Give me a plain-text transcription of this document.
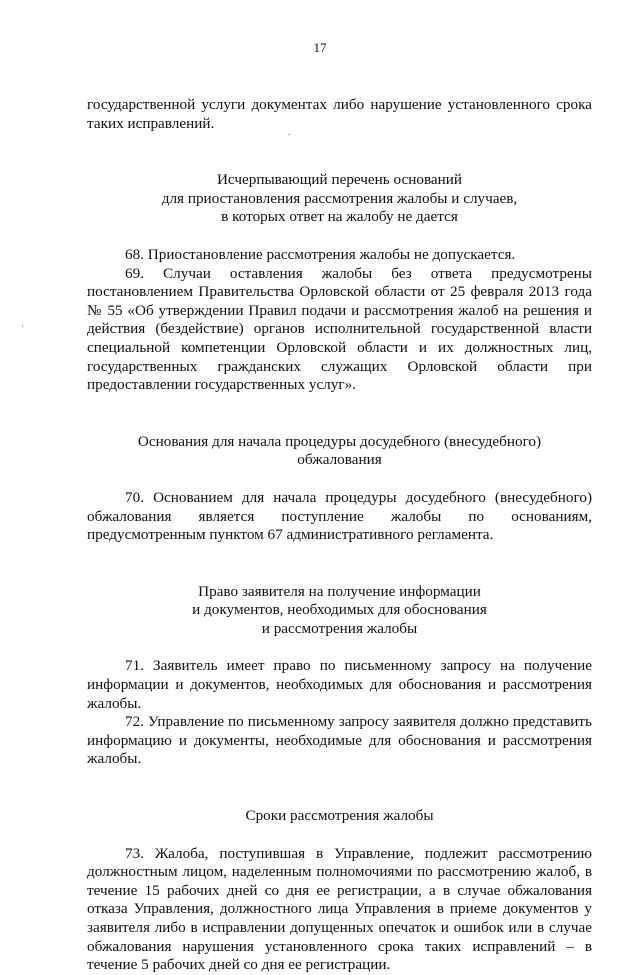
17

государственной услуги документах либо нарушение установленного срока таких исправлений.

Исчерпывающий перечень оснований

для приостановления рассмотрения жалобы и случаев,

в которых ответ на жалобу не дается

68. Приостановление рассмотрения жалобы не допускается.

69. Случаи оставления жалобы без ответа предусмотрены постановлением Правительства Орловской области от 25 февраля 2013 года № 55 «Об утверждении Правил подачи и рассмотрения жалоб на решения и действия (бездействие) органов исполнительной государственной власти специальной компетенции Орловской области и их должностных лиц, государственных гражданских служащих Орловской области при предоставлении государственных услуг».

Основания для начала процедуры досудебного (внесудебного)

обжалования

70. Основанием для начала процедуры досудебного (внесудебного) обжалования является поступление жалобы по основаниям, предусмотренным пунктом 67 административного регламента.

Право заявителя на получение информации

и документов, необходимых для обоснования

и рассмотрения жалобы

71. Заявитель имеет право по письменному запросу на получение информации и документов, необходимых для обоснования и рассмотрения жалобы.

72. Управление по письменному запросу заявителя должно представить информацию и документы, необходимые для обоснования и рассмотрения жалобы.

Сроки рассмотрения жалобы

73. Жалоба, поступившая в Управление, подлежит рассмотрению должностным лицом, наделенным полномочиями по рассмотрению жалоб, в течение 15 рабочих дней со дня ее регистрации, а в случае обжалования отказа Управления, должностного лица Управления в приеме документов у заявителя либо в исправлении допущенных опечаток и ошибок или в случае обжалования нарушения установленного срока таких исправлений – в течение 5 рабочих дней со дня ее регистрации.
